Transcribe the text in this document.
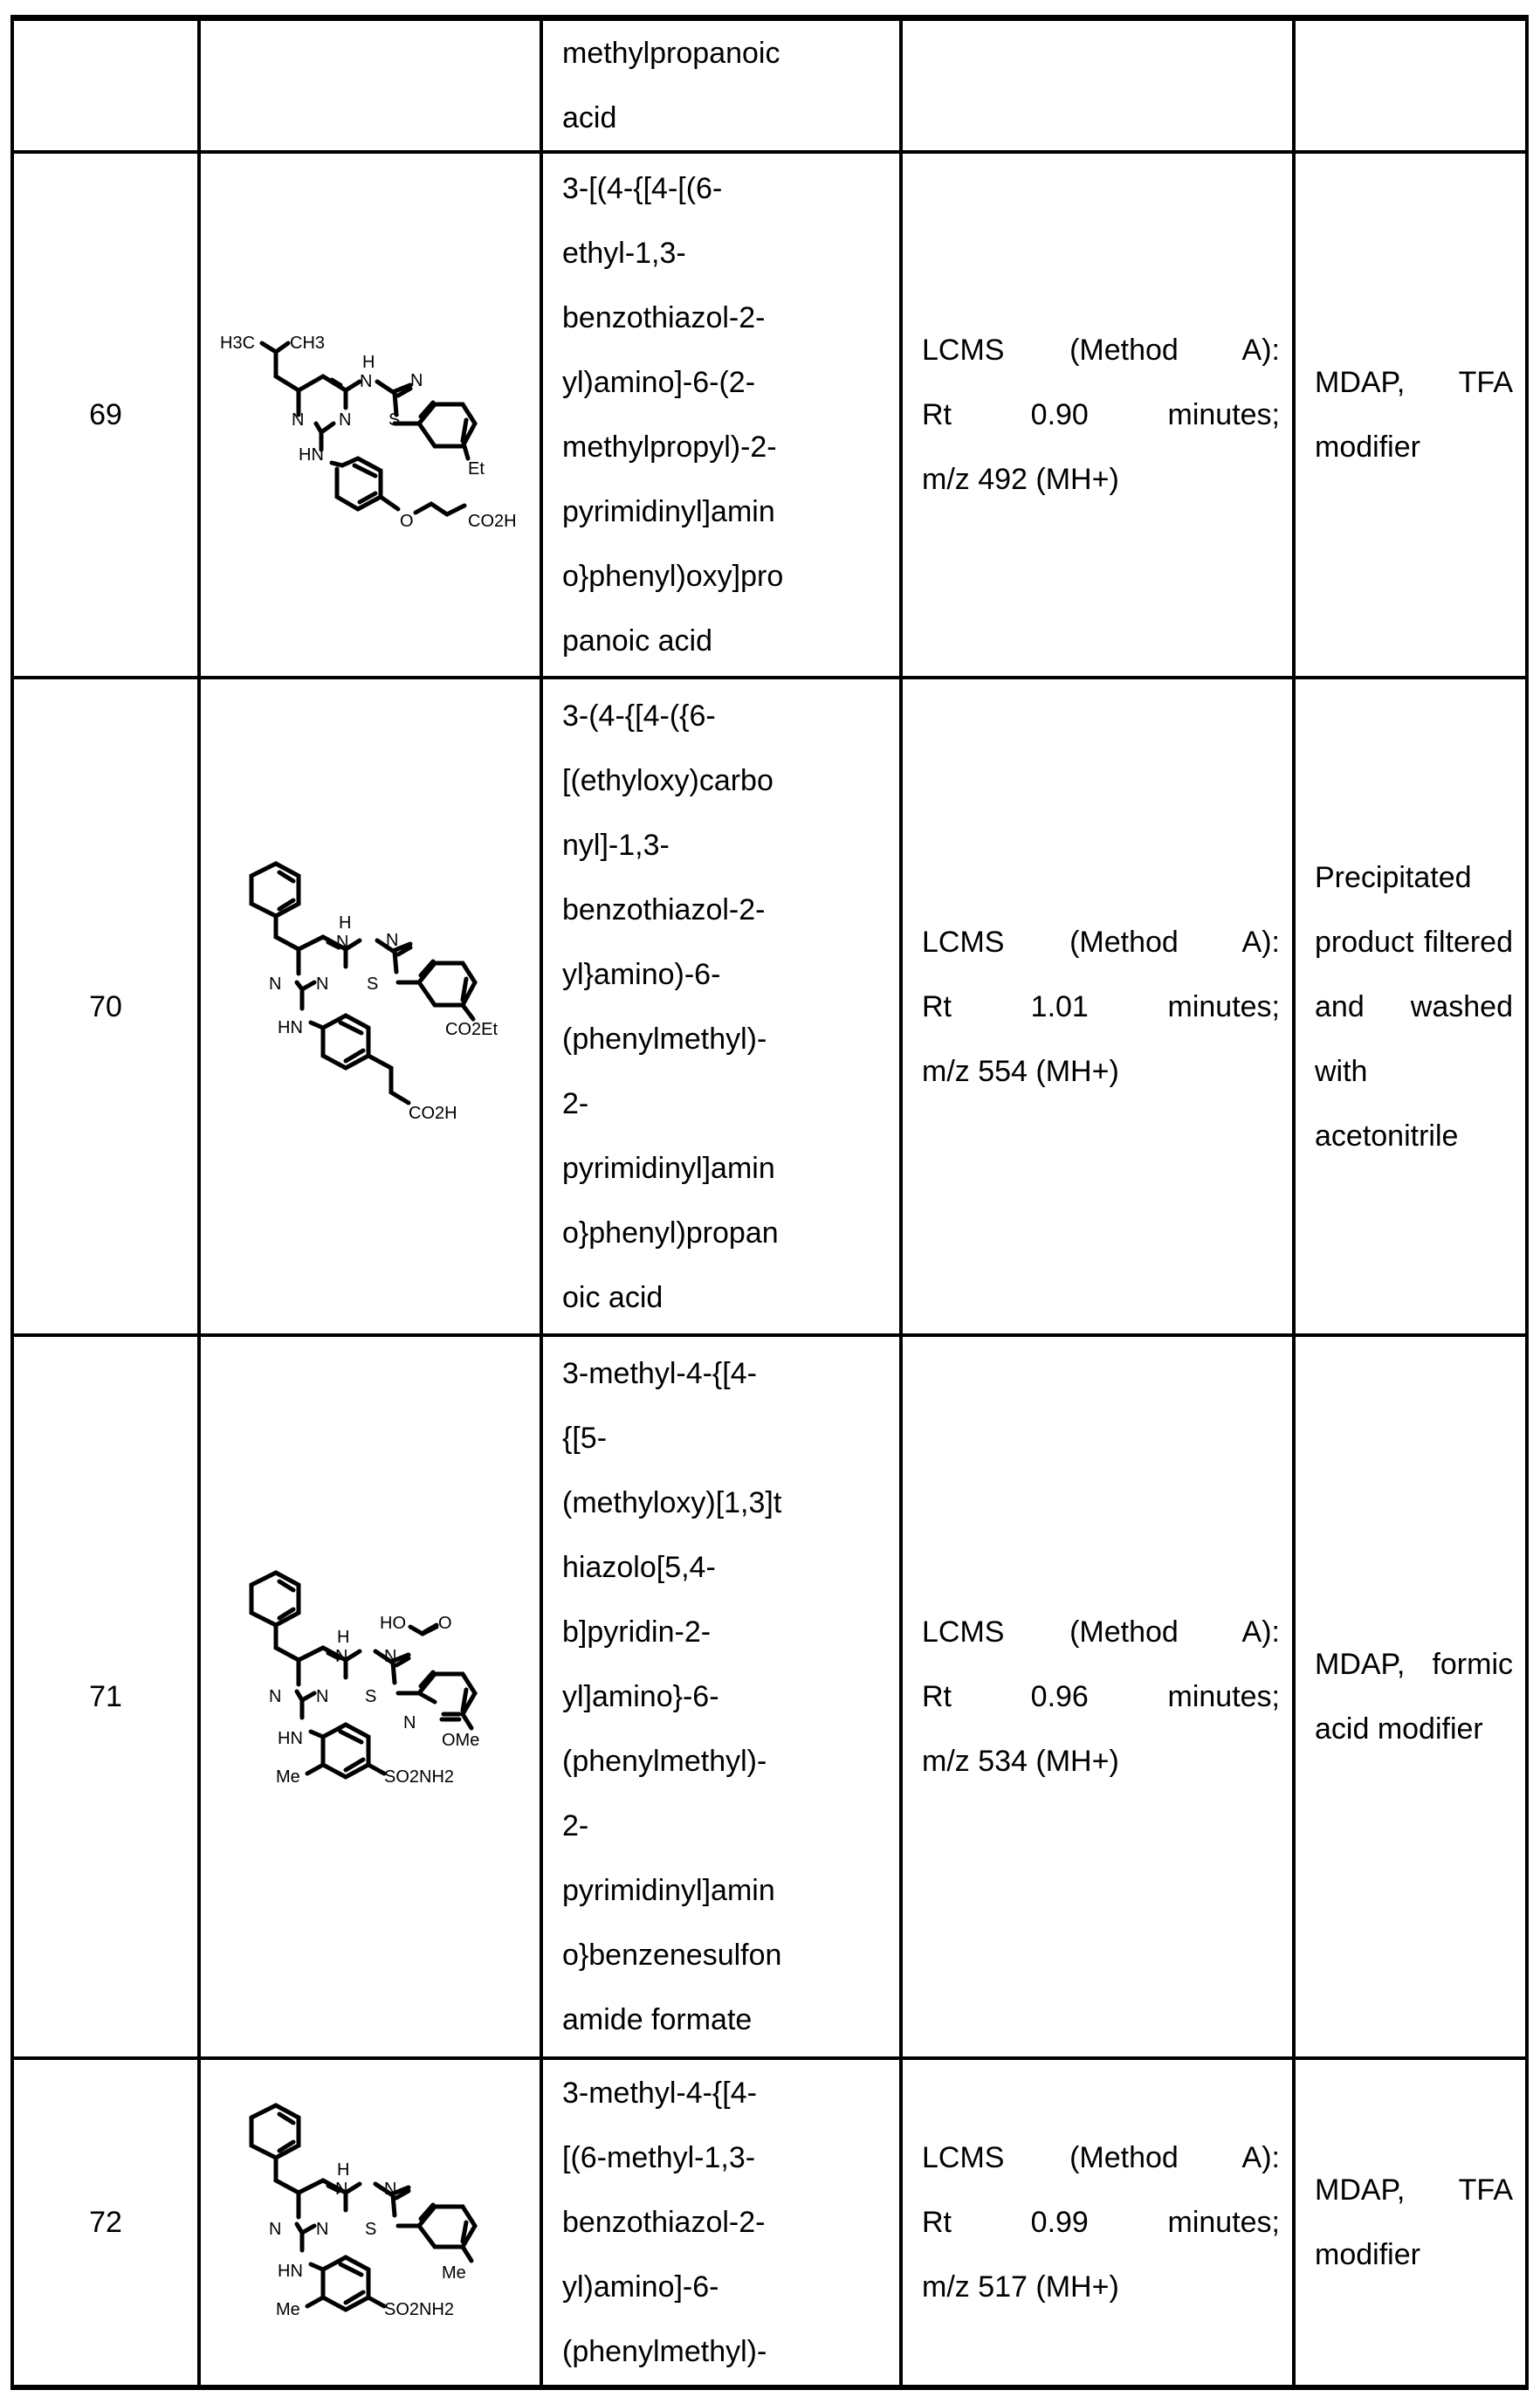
		methylpropanoic
acid		

69	
H3C CH3
H
N N
S
N N
HN
Et
O	CO2H

3-[(4-{[4-[(6-
ethyl-1,3-
benzothiazol-2-
yl)amino]-6-(2-
methylpropyl)-2-
pyrimidinyl]amin
o}phenyl)oxy]pro
panoic acid

LCMS (Method A):
Rt 0.90 minutes;
m/z 492 (MH+)

MDAP, TFA
modifier

70	
H
N N
S
N N
HN	CO2Et
CO2H

3-(4-{[4-({6-
[(ethyloxy)carbo
nyl]-1,3-
benzothiazol-2-
yl}amino)-6-
(phenylmethyl)-
2-
pyrimidinyl]amin
o}phenyl)propan
oic acid

LCMS (Method A):
Rt 1.01 minutes;
m/z 554 (MH+)

Precipitated
product filtered
and washed
with
acetonitrile

71	
HO O
H
N N
S
N
N N
HN	OMe
Me	SO2NH2

3-methyl-4-{[4-
{[5-
(methyloxy)[1,3]t
hiazolo[5,4-
b]pyridin-2-
yl]amino}-6-
(phenylmethyl)-
2-
pyrimidinyl]amin
o}benzenesulfon
amide formate

LCMS (Method A):
Rt 0.96 minutes;
m/z 534 (MH+)

MDAP, formic
acid modifier

72	
H
N N
S
N N
HN	Me
Me	SO2NH2

3-methyl-4-{[4-
[(6-methyl-1,3-
benzothiazol-2-
yl)amino]-6-
(phenylmethyl)-

LCMS (Method A):
Rt 0.99 minutes;
m/z 517 (MH+)

MDAP, TFA
modifier
